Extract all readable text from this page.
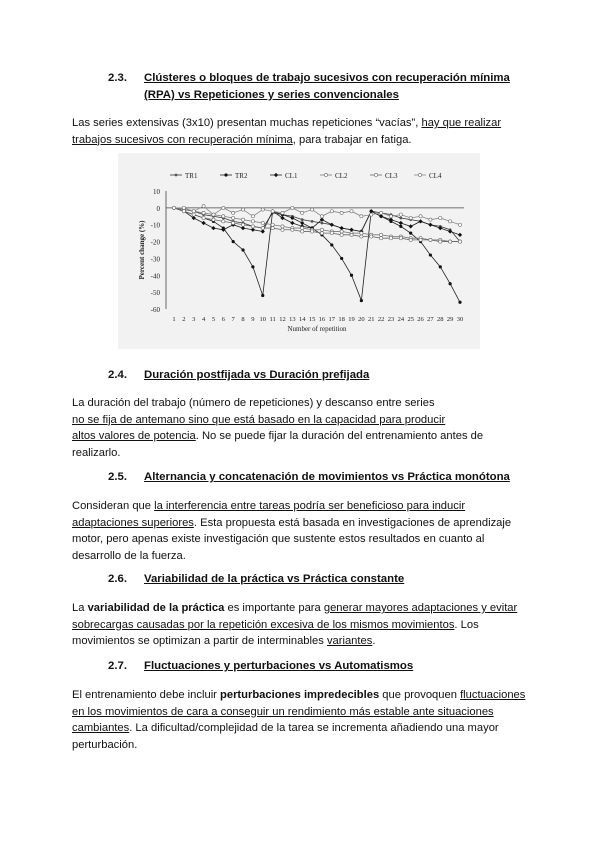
2.3. Clústeres o bloques de trabajo sucesivos con recuperación mínima
(RPA) vs Repeticiones y series convencionales
Las series extensivas (3x10) presentan muchas repeticiones “vacías”, hay que realizar
trabajos sucesivos con recuperación mínima, para trabajar en fatiga.
10
0
-10
-20
-30
-40
-50
-60
1 2 3 4 5 6 7 8 9 10 11 12 13 14 15 16 17 18 19 20 21 22 23 24 25 26 27 28 29 30
Percent change (%)
Number of repetition
TR1	TR2	CL1	CL2	CL3	CL4
2.4. Duración postfijada vs Duración prefijada
La duración del trabajo (número de repeticiones) y descanso entre series
no se fija de antemano sino que está basado en la capacidad para producir
altos valores de potencia. No se puede fijar la duración del entrenamiento antes de
realizarlo.
2.5. Alternancia y concatenación de movimientos vs Práctica monótona
Consideran que la interferencia entre tareas podría ser beneficioso para inducir
adaptaciones superiores. Esta propuesta está basada en investigaciones de aprendizaje
motor, pero apenas existe investigación que sustente estos resultados en cuanto al
desarrollo de la fuerza.
2.6. Variabilidad de la práctica vs Práctica constante
La variabilidad de la práctica es importante para generar mayores adaptaciones y evitar
sobrecargas causadas por la repetición excesiva de los mismos movimientos. Los
movimientos se optimizan a partir de interminables variantes.
2.7. Fluctuaciones y perturbaciones vs Automatismos
El entrenamiento debe incluir perturbaciones impredecibles que provoquen fluctuaciones
en los movimientos de cara a conseguir un rendimiento más estable ante situaciones
cambiantes. La dificultad/complejidad de la tarea se incrementa añadiendo una mayor
perturbación.
